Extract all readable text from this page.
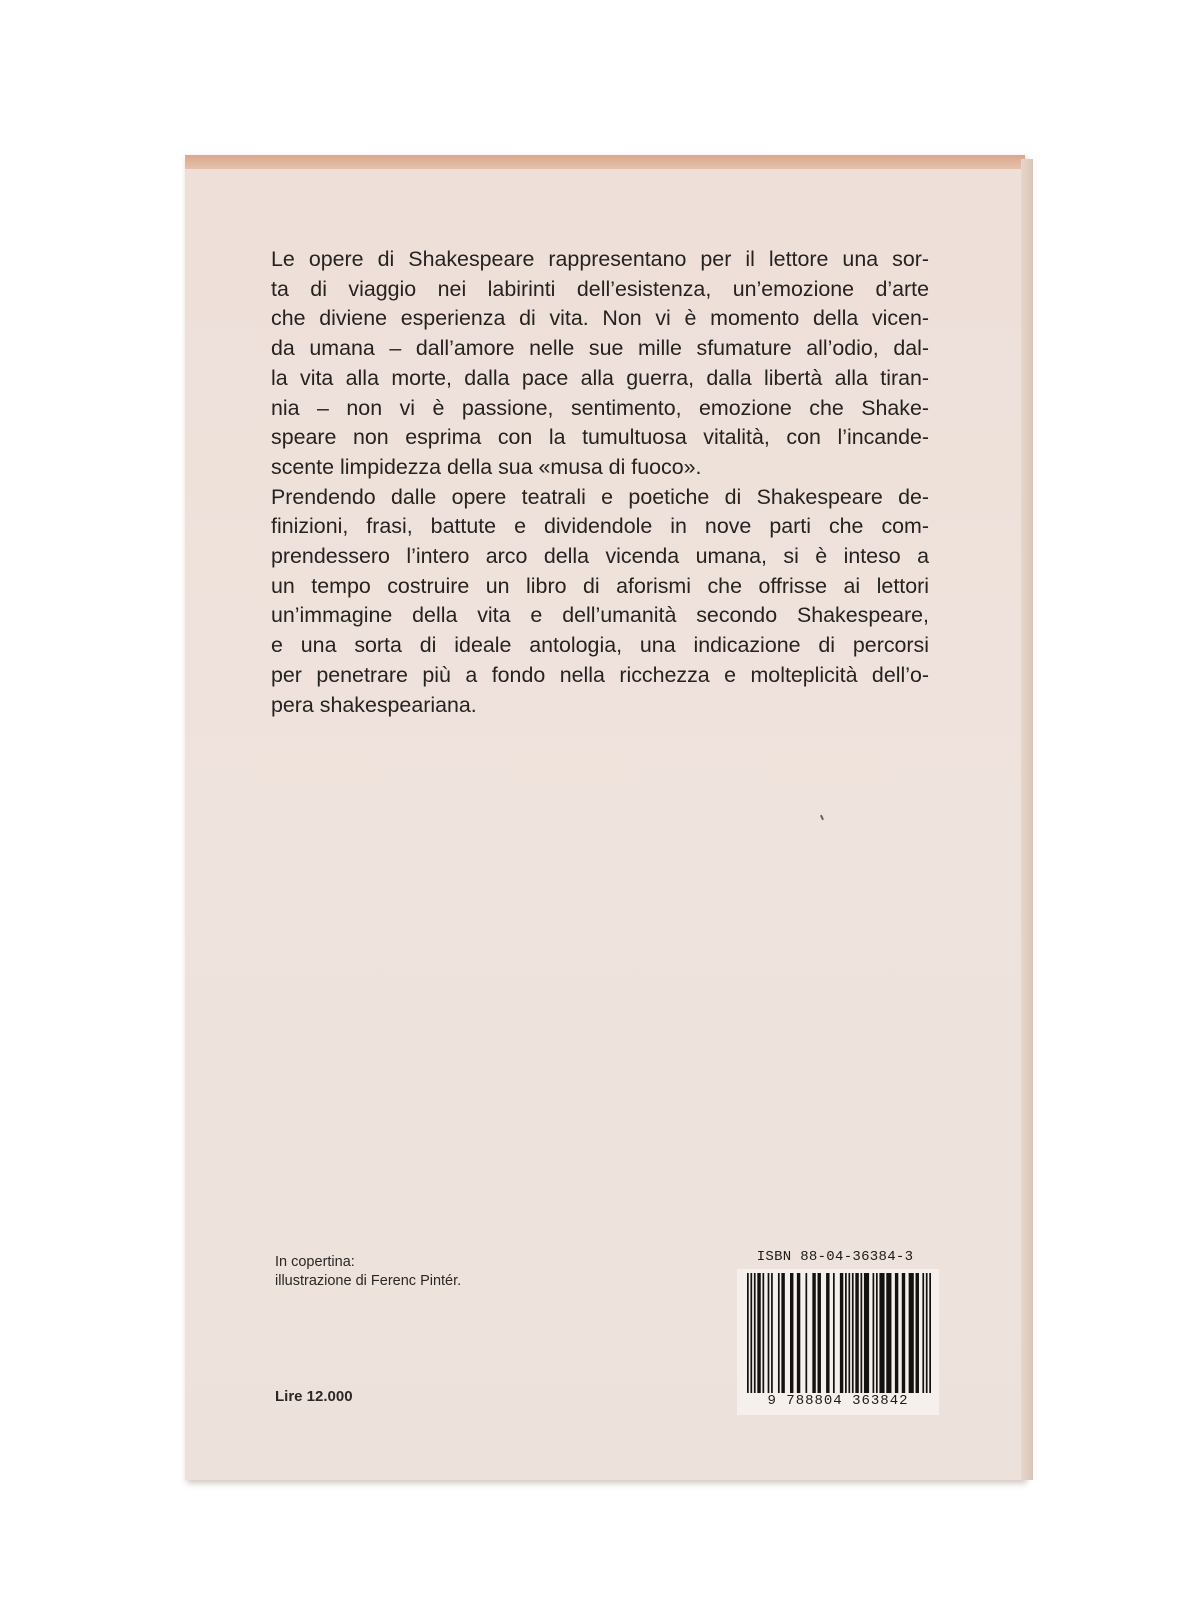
Le opere di Shakespeare rappresentano per il lettore una sor-
ta di viaggio nei labirinti dell’esistenza, un’emozione d’arte
che diviene esperienza di vita. Non vi è momento della vicen-
da umana – dall’amore nelle sue mille sfumature all’odio, dal-
la vita alla morte, dalla pace alla guerra, dalla libertà alla tiran-
nia – non vi è passione, sentimento, emozione che Shake-
speare non esprima con la tumultuosa vitalità, con l’incande-
scente limpidezza della sua «musa di fuoco».
Prendendo dalle opere teatrali e poetiche di Shakespeare de-
finizioni, frasi, battute e dividendole in nove parti che com-
prendessero l’intero arco della vicenda umana, si è inteso a
un tempo costruire un libro di aforismi che offrisse ai lettori
un’immagine della vita e dell’umanità secondo Shakespeare,
e una sorta di ideale antologia, una indicazione di percorsi
per penetrare più a fondo nella ricchezza e molteplicità dell’o-
pera shakespeariana.

In copertina:
illustrazione di Ferenc Pintér.
Lire 12.000
ISBN 88-04-36384-3
9 788804 363842
